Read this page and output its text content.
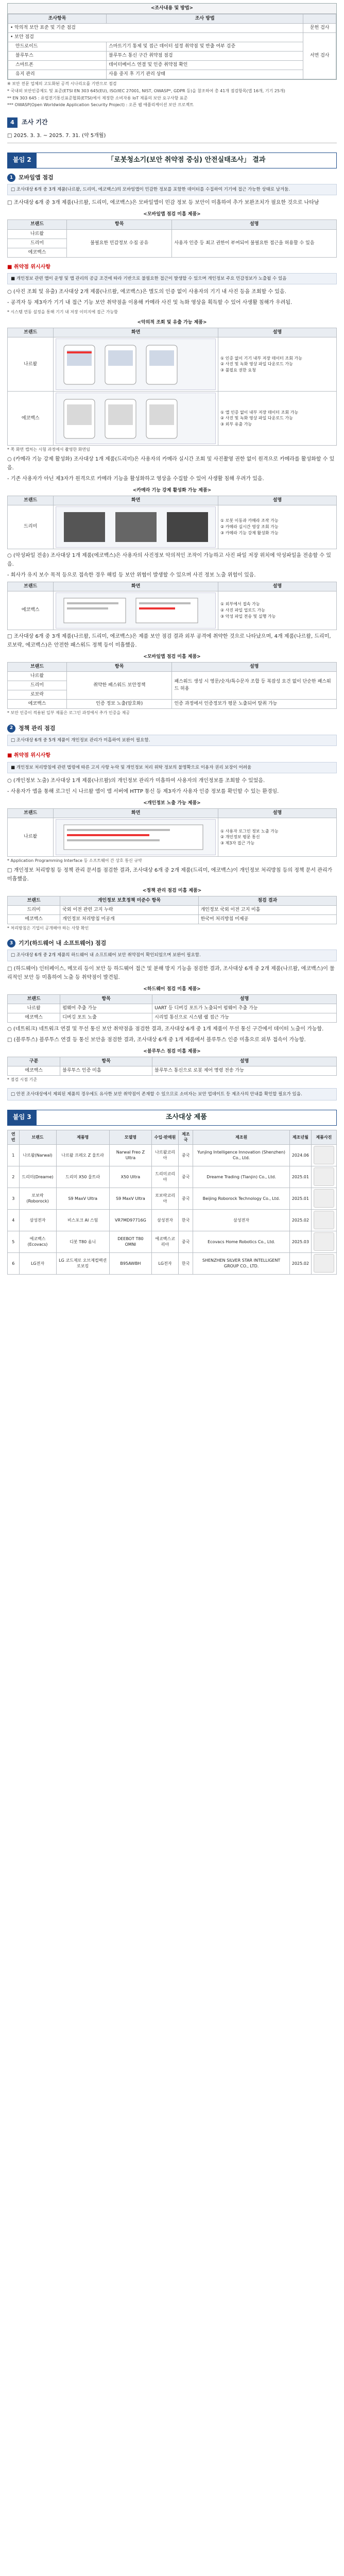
<조사내용 및 방법>
조사항목	조사 방법	
• 악의적 보안 표준 및 기준 점검		문헌 검사
• 보안 점검		서면 검사
안드로이드	스마트기기 통제 및 접근 데이터 설정 취약점 및 반출 여부 검증	
블루투스	블루투스 통신 구간 취약점 점검	
스마트폰	데이터베이스 연결 및 인증 취약점 확인	
유지 관리	사용 중지 후 기기 관리 상태	

※ 보안 전문 업체의 고도화된 공격 시나리오를 기반으로 점검

* 국내외 보안인증제도 및 표준(ETSI EN 303 645(EU), ISO/IEC 27001, NIST, OWASP*, GDPR 등)을 참조하여 총 41개 점검항목(앱 16개, 기기 25개)

** EN 303 645 : 유럽전기통신표준협회(ETSI)에서 제정한 소비자용 IoT 제품의 보안 요구사항 표준

*** OWASP(Open Worldwide Application Security Project) : 오픈 웹 애플리케이션 보안 프로젝트

4	조사 기간
□ 2025. 3. 3. ~ 2025. 7. 31. (약 5개월)
붙임 2	「로봇청소기(보안 취약점 중심) 안전실태조사」 결과
1 모바일앱 점검
□ 조사대상 6개 중 3개 제품(나르왈, 드리미, 에코백스)의 모바일앱이 민감한 정보를 포함한 데이터를 수집하여 기기에 접근 가능한 상태로 남겨둠.

□ 조사대상 6개 중 3개 제품(나르왈, 드리미, 에코백스)은 모바일앱이 민감 정보 등 보안이 미흡하여 추가 보완조치가 필요한 것으로 나타남

<모바일앱 점검 미흡 제품>
브랜드	항목	설명
나르왈	불필요한 민감정보 수집 공유	사용자 인증 등 최고 권한이 부여되어 불필요한 접근을 허용할 수 있음
드리미		
에코백스		
■ 취약점 위시사항
■ 개인정보 관련 앱이 운영 및 앱 관리의 공급 조건에 따라 기반으로 불필요한 접근이 발생할 수 있으며 개인정보 주요 민감정보가 노출될 수 있음

○ (사진 조회 및 유출) 조사대상 2개 제품(나르왈, 에코백스)은 별도의 인증 없이 사용자의 기기 내 사진 등을 조회할 수 있음.

- 공격자 등 제3자가 기기 내 접근 기능 보안 취약점을 이용해 카메라 사진 및 녹화 영상을 획득할 수 있어 사생활 침해가 우려됨.

* 시스템 연동 설정을 통해 기기 내 저장 이미지에 접근 가능함

<악의적 조회 및 유출 가능 제품>
브랜드	화면	설명
나르왈		① 인증 없이 기기 내부 저장 데이터 조회 가능
② 사진 및 녹화 영상 파일 다운로드 가능
③ 불필요 권한 요청
에코백스		① 앱 인증 없이 내부 저장 데이터 조회 가능
② 사진 및 녹화 영상 파일 다운로드 가능
③ 외부 유출 가능

* 쪽 화면 캡처는 시험 과정에서 촬영한 화면임

○ (카메라 기능 강제 활성화) 조사대상 1개 제품(드리미)은 사용자의 카메라 실시간 조회 및 사진촬영 권한 없이 원격으로 카메라를 활성화할 수 있음.

- 기존 사용자가 아닌 제3자가 원격으로 카메라 기능을 활성화하고 영상을 수집할 수 있어 사생활 침해 우려가 있음.

<카메라 기능 강제 활성화 가능 제품>
브랜드	화면	설명
드리미		① 로봇 이동과 카메라 조작 가능
② 카메라 실시간 영상 조회 가능
③ 카메라 기능 강제 활성화 가능

○ (악성파일 전송) 조사대상 1개 제품(에코백스)은 사용자의 사진정보 악의적인 조작이 가능하고 사진 파일 저장 위치에 악성파일을 전송할 수 있음.

- 회사가 유지 보수 목적 등으로 접속한 경우 해킹 등 보안 위협이 발생할 수 있으며 사진 정보 노출 위험이 있음.

브랜드	화면	설명
에코백스		① 외부에서 접속 가능
② 사진 파일 업로드 가능
③ 악성 파일 전송 및 실행 가능

□ 조사대상 6개 중 3개 제품(나르왈, 드리미, 에코백스)은 제품 보안 점검 결과 외부 공격에 취약한 것으로 나타났으며, 4개 제품(나르왈, 드리미, 로보락, 에코백스)은 안전한 패스워드 정책 등이 미흡했음.

<모바일앱 점검 미흡 제품>
브랜드	항목	설명
나르왈	취약한 패스워드 보안정책	패스워드 생성 시 영문/숫자/특수문자 조합 등 복잡성 요건 없이 단순한 패스워드 허용
드리미		
로보락		
에코백스	인증 정보 노출(암호화)	인증 과정에서 인증정보가 평문 노출되어 탈취 가능

* 보안 인증이 적용된 일부 제품은 로그인 과정에서 추가 인증을 제공

2 정책 관리 점검
□ 조사대상 6개 중 5개 제품이 개인정보 관리가 미흡하여 보완이 필요함.
■ 취약점 위시사항
■ 개인정보 처리방침에 관련 법령에 따른 고지 사항 누락 및 개인정보 처리 위탁 정보의 불명확으로 이용자 권리 보장이 어려움

○ (개인정보 노출) 조사대상 1개 제품(나르왈)의 개인정보 관리가 미흡하여 사용자의 개인정보를 조회할 수 있었음.

- 사용자가 앱을 통해 로그인 시 나르왈 앱이 앱 서버에 HTTP 통신 등 제3자가 사용자 인증 정보를 확인할 수 있는 환경임.

<개인정보 노출 가능 제품>
브랜드	화면	설명
나르왈		① 사용자 로그인 정보 노출 가능
② 개인정보 평문 통신
③ 제3자 접근 가능

* Application Programming Interface 등 소프트웨어 간 상호 통신 규약

□ 개인정보 처리방침 등 정책 관리 문서를 점검한 결과, 조사대상 6개 중 2개 제품(드리미, 에코백스)이 개인정보 처리방침 등의 정책 문서 관리가 미흡했음.

<정책 관리 점검 미흡 제품>
브랜드	개인정보 보호정책 미준수 항목	점검 결과
드리미	국외 이전 관련 고지 누락	개인정보 국외 이전 고지 미흡
에코백스	개인정보 처리방침 미공개	한국어 처리방침 미제공

* 처리방침은 기업이 공개해야 하는 사항 확인

3 기기(하드웨어 내 소프트웨어) 점검
□ 조사대상 6개 중 2개 제품의 하드웨어 내 소프트웨어 보안 취약점이 확인되었으며 보완이 필요함.

□ (하드웨어) 인터페이스, 메모리 등이 보안 등 하드웨어 접근 및 분해 방지 기능을 점검한 결과, 조사대상 6개 중 2개 제품(나르왈, 에코백스)이 물리적인 보안 등 미흡하여 노출 등 취약점이 발견됨.

<하드웨어 점검 미흡 제품>
브랜드	항목	설명
나르왈	펌웨어 추출 가능	UART 등 디버깅 포트가 노출되어 펌웨어 추출 가능
에코백스	디버깅 포트 노출	시리얼 통신으로 시스템 쉘 접근 가능

○ (네트워크) 네트워크 연결 및 무선 통신 보안 취약점을 점검한 결과, 조사대상 6개 중 1개 제품이 무선 통신 구간에서 데이터 노출이 가능함.

□ (블루투스) 블루투스 연결 등 통신 보안을 점검한 결과, 조사대상 6개 중 1개 제품에서 블루투스 인증 미흡으로 외부 접속이 가능함.

<블루투스 점검 미흡 제품>
구분	항목	설명
에코백스	블루투스 인증 미흡	블루투스 통신으로 로봇 제어 명령 전송 가능

* 점검 시점 기준

□ 안전 조사대상에서 제외된 제품의 경우에도 유사한 보안 취약점이 존재할 수 있으므로 소비자는 보안 업데이트 등 제조사의 안내를 확인할 필요가 있음.
붙임 3	조사대상 제품
연번	브랜드	제품명	모델명	수입·판매원	제조국	제조원	제조년월	제품사진
1	나르왈(Narwal)	나르왈 프레오 Z 울트라	Narwal Freo Z Ultra	나르왈코리아	중국	Yunjing Intelligence Innovation (Shenzhen) Co., Ltd.	2024.06	

2	드리미(Dreame)	드리미 X50 울트라	X50 Ultra	드리미코리아	중국	Dreame Trading (Tianjin) Co., Ltd.	2025.01	

3	로보락(Roborock)	S9 MaxV Ultra	S9 MaxV Ultra	로보락코리아	중국	Beijing Roborock Technology Co., Ltd.	2025.01	

4	삼성전자	비스포크 AI 스팀	VR7MD97716G	삼성전자	한국	삼성전자	2025.02	

5	에코백스(Ecovacs)	디봇 T80 옴니	DEEBOT T80 OMNI	에코백스코리아	중국	Ecovacs Home Robotics Co., Ltd.	2025.03	

6	LG전자	LG 코드제로 오브제컬렉션 로보킹	B95AWBH	LG전자	한국	SHENZHEN SILVER STAR INTELLIGENT GROUP CO., LTD.	2025.02	
